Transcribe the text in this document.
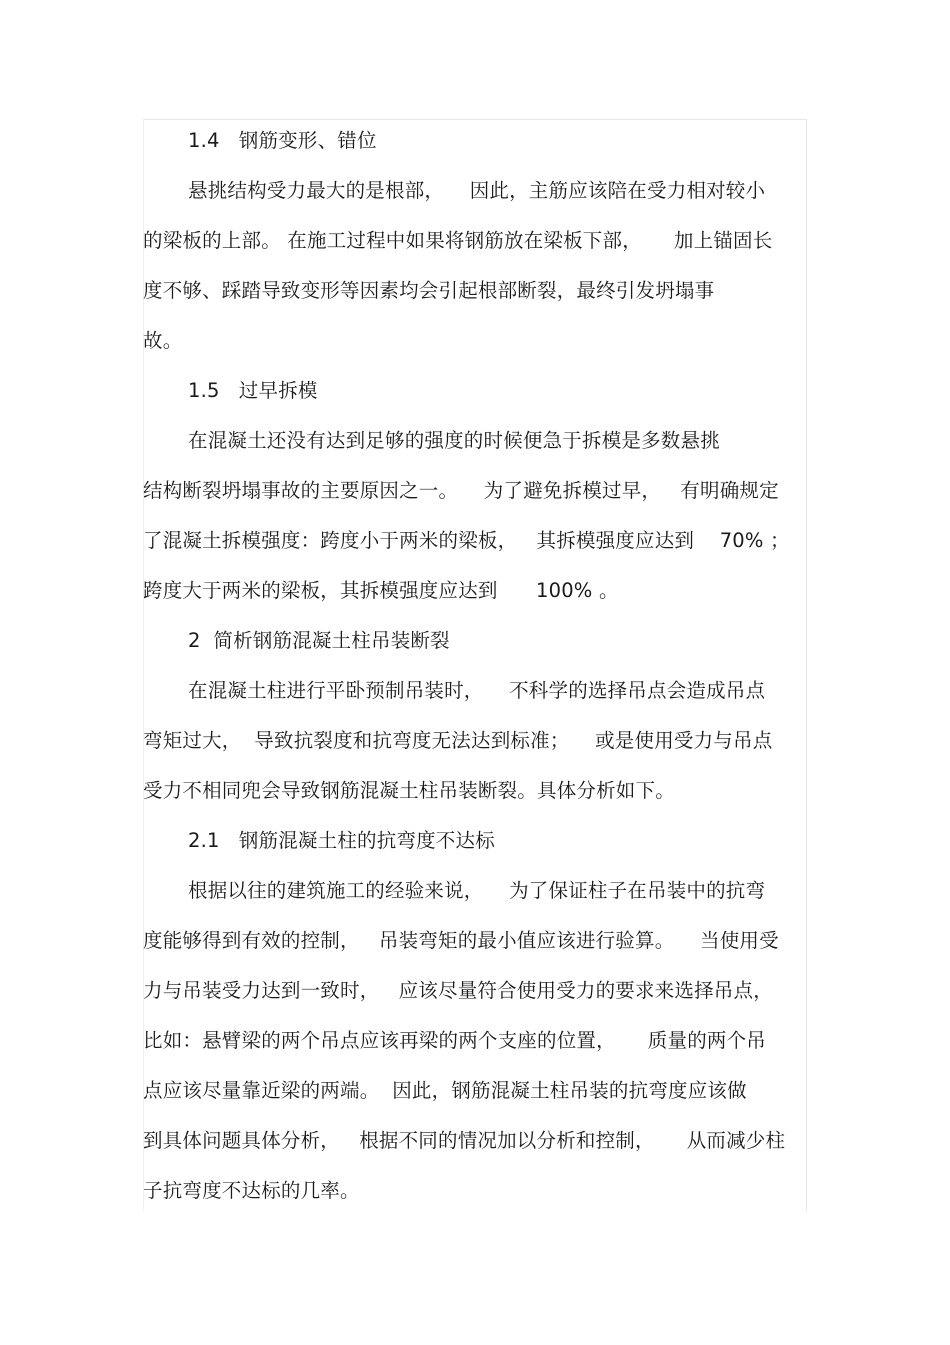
1.4   钢筋变形、错位
悬挑结构受力最大的是根部，    因此，主筋应该陪在受力相对较小
的梁板的上部。 在施工过程中如果将钢筋放在梁板下部，     加上锚固长
度不够、踩踏导致变形等因素均会引起根部断裂，最终引发坍塌事
故。
1.5   过早拆模
在混凝土还没有达到足够的强度的时候便急于拆模是多数悬挑
结构断裂坍塌事故的主要原因之一。    为了避免拆模过早，   有明确规定
了混凝土拆模强度：跨度小于两米的梁板，   其拆模强度应达到    70% ；
跨度大于两米的梁板，其拆模强度应达到      100% 。
2  简析钢筋混凝土柱吊装断裂
在混凝土柱进行平卧预制吊装时，    不科学的选择吊点会造成吊点
弯矩过大，  导致抗裂度和抗弯度无法达到标准；    或是使用受力与吊点
受力不相同兜会导致钢筋混凝土柱吊装断裂。具体分析如下。
2.1   钢筋混凝土柱的抗弯度不达标
根据以往的建筑施工的经验来说，    为了保证柱子在吊装中的抗弯
度能够得到有效的控制，   吊装弯矩的最小值应该进行验算。    当使用受
力与吊装受力达到一致时，   应该尽量符合使用受力的要求来选择吊点，
比如：悬臂梁的两个吊点应该再梁的两个支座的位置，     质量的两个吊
点应该尽量靠近梁的两端。  因此，钢筋混凝土柱吊装的抗弯度应该做
到具体问题具体分析，   根据不同的情况加以分析和控制，     从而减少柱
子抗弯度不达标的几率。
